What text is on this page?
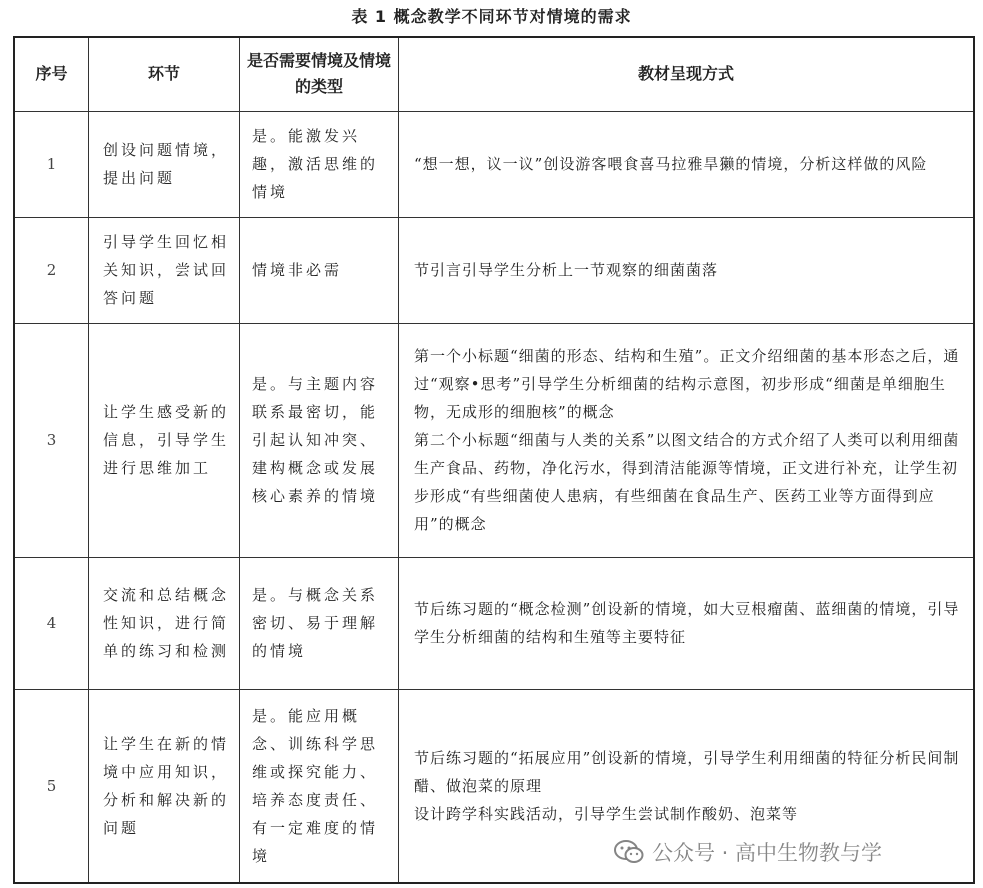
表 1 概念教学不同环节对情境的需求
序号	环节	是否需要情境及情境的类型	教材呈现方式
1	创设问题情境，提出问题	是。能激发兴趣，激活思维的情境	“想一想，议一议”创设游客喂食喜马拉雅旱獭的情境，分析这样做的风险

2	引导学生回忆相关知识，尝试回答问题	情境非必需	节引言引导学生分析上一节观察的细菌菌落

3	让学生感受新的信息，引导学生进行思维加工	是。与主题内容联系最密切，能引起认知冲突、建构概念或发展核心素养的情境	第一个小标题“细菌的形态、结构和生殖”。正文介绍细菌的基本形态之后，通过“观察•思考”引导学生分析细菌的结构示意图，初步形成“细菌是单细胞生物，无成形的细胞核”的概念

第二个小标题“细菌与人类的关系”以图文结合的方式介绍了人类可以利用细菌生产食品、药物，净化污水，得到清洁能源等情境，正文进行补充，让学生初步形成“有些细菌使人患病，有些细菌在食品生产、医药工业等方面得到应用”的概念

4	交流和总结概念性知识，进行简单的练习和检测	是。与概念关系密切、易于理解的情境	节后练习题的“概念检测”创设新的情境，如大豆根瘤菌、蓝细菌的情境，引导学生分析细菌的结构和生殖等主要特征

5	让学生在新的情境中应用知识，分析和解决新的问题	是。能应用概念、训练科学思维或探究能力、培养态度责任、有一定难度的情境	节后练习题的“拓展应用”创设新的情境，引导学生利用细菌的特征分析民间制醋、做泡菜的原理

设计跨学科实践活动，引导学生尝试制作酸奶、泡菜等

公众号 · 高中生物教与学
